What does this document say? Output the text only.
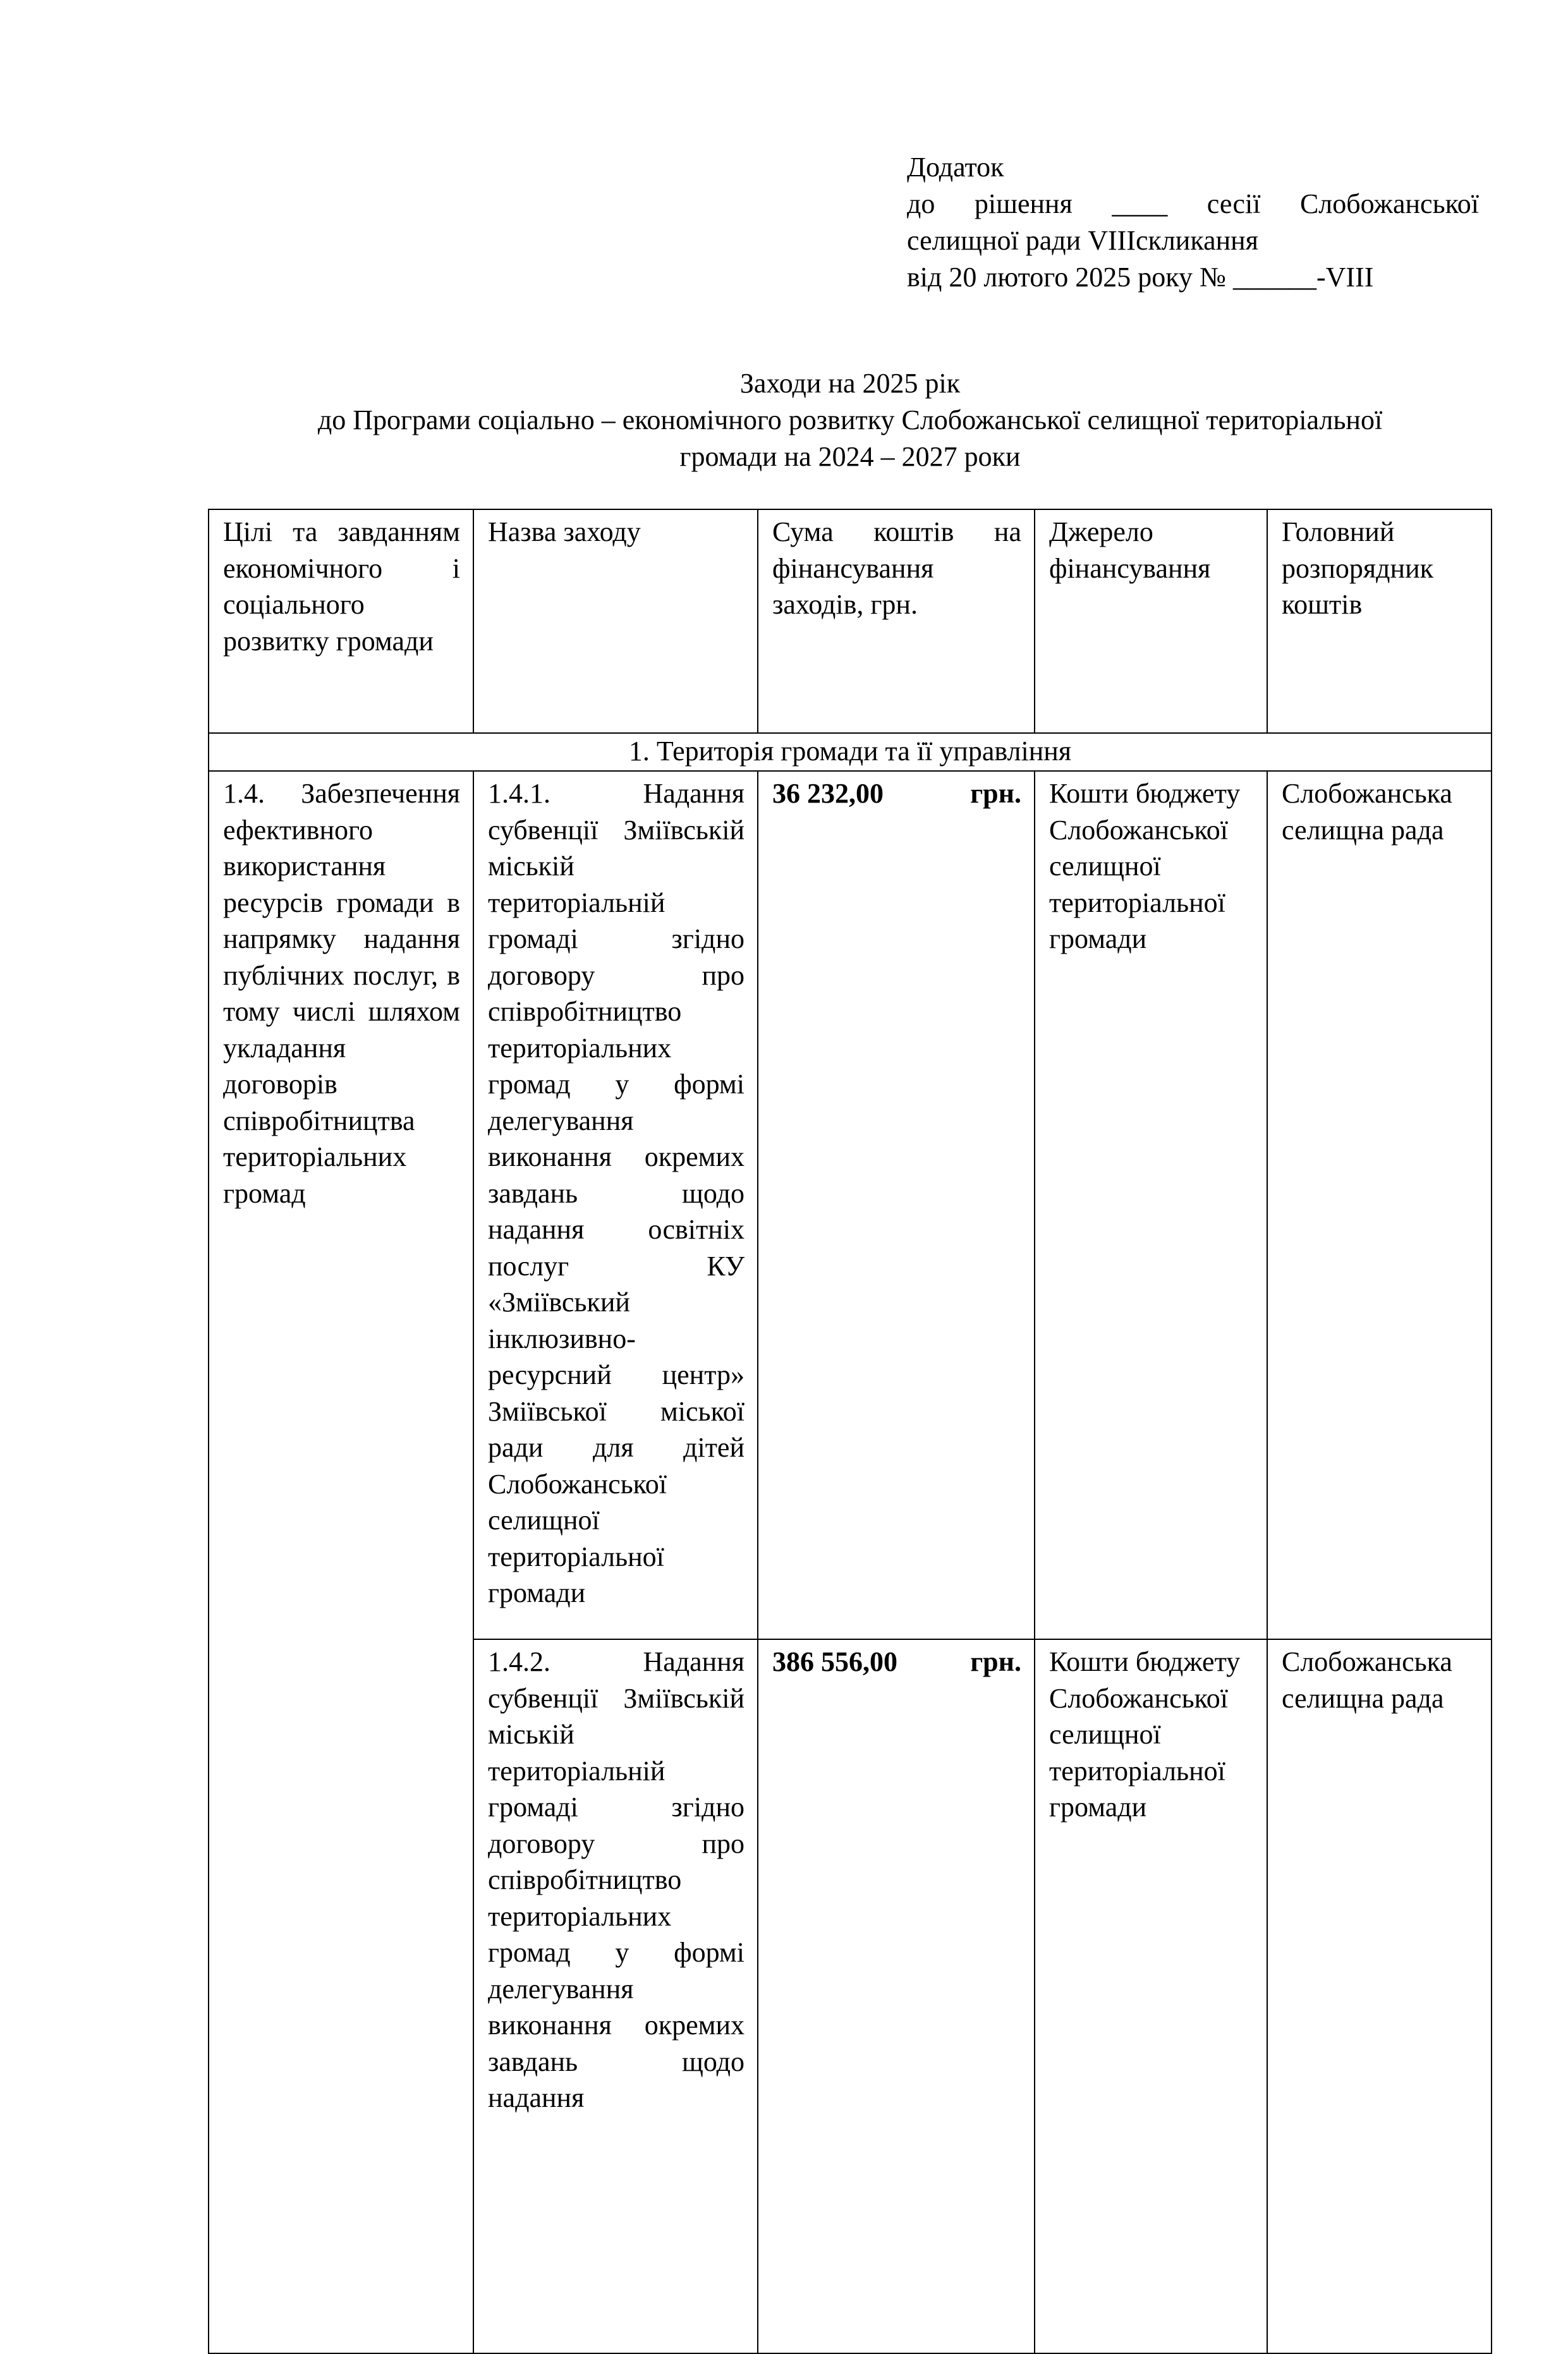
Додаток
до рішення ____ сесії Слобожанської
селищної ради VIIIскликання
від 20 лютого 2025 року № ______-VIII
Заходи на 2025 рік
до Програми соціально – економічного розвитку Слобожанської селищної територіальної
громади на 2024 – 2027 роки
Цілі та завданням економічного і соціального розвитку громади	Назва заходу	Сума коштів на фінансування заходів, грн.	Джерело фінансування	Головний розпорядник коштів
1. Територія громади та її управління				
1.4. Забезпечення ефективного використання ресурсів громади в напрямку надання публічних послуг, в тому числі шляхом укладання договорів співробітництва територіальних громад	1.4.1. Надання субвенції Зміївській міській територіальній громаді згідно договору про співробітництво територіальних громад у формі делегування виконання окремих завдань щодо надання освітніх послуг КУ «Зміївський інклюзивно-ресурсний центр» Зміївської міської ради для дітей Слобожанської селищної територіальної громади	36 232,00 грн.	Кошти бюджету Слобожанської селищної територіальної громади	Слобожанська селищна рада
	1.4.2. Надання субвенції Зміївській міській територіальній громаді згідно договору про співробітництво територіальних громад у формі делегування виконання окремих завдань щодо надання	386 556,00 грн.	Кошти бюджету Слобожанської селищної територіальної громади	Слобожанська селищна рада
